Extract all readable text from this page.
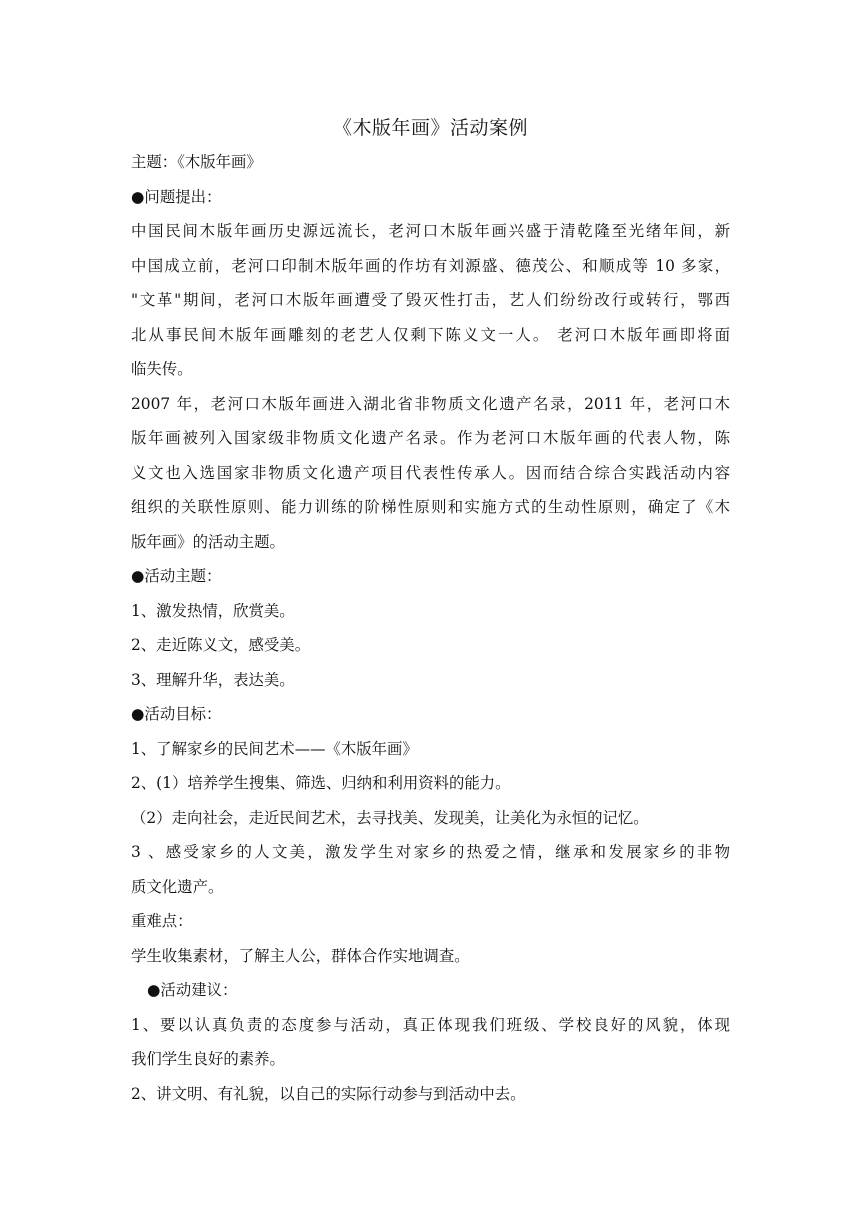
《木版年画》活动案例
主题：《木版年画》
●问题提出：
中国民间木版年画历史源远流长，老河口木版年画兴盛于清乾隆至光绪年间，新
中国成立前，老河口印制木版年画的作坊有刘源盛、德茂公、和顺成等 10 多家，
"文革"期间，老河口木版年画遭受了毁灭性打击，艺人们纷纷改行或转行，鄂西
北从事民间木版年画雕刻的老艺人仅剩下陈义文一人。 老河口木版年画即将面
临失传。
2007 年，老河口木版年画进入湖北省非物质文化遗产名录，2011 年，老河口木
版年画被列入国家级非物质文化遗产名录。作为老河口木版年画的代表人物，陈
义文也入选国家非物质文化遗产项目代表性传承人。因而结合综合实践活动内容
组织的关联性原则、能力训练的阶梯性原则和实施方式的生动性原则，确定了《木
版年画》的活动主题。
●活动主题：
1、激发热情，欣赏美。
2、走近陈义文，感受美。
3、理解升华，表达美。
●活动目标：
1、了解家乡的民间艺术——《木版年画》
2、(1）培养学生搜集、筛选、归纳和利用资料的能力。
（2）走向社会，走近民间艺术，去寻找美、发现美，让美化为永恒的记忆。
3 、感受家乡的人文美，激发学生对家乡的热爱之情，继承和发展家乡的非物
质文化遗产。
重难点：
学生收集素材，了解主人公，群体合作实地调查。
●活动建议：
1、要以认真负责的态度参与活动，真正体现我们班级、学校良好的风貌，体现
我们学生良好的素养。
2、讲文明、有礼貌，以自己的实际行动参与到活动中去。
